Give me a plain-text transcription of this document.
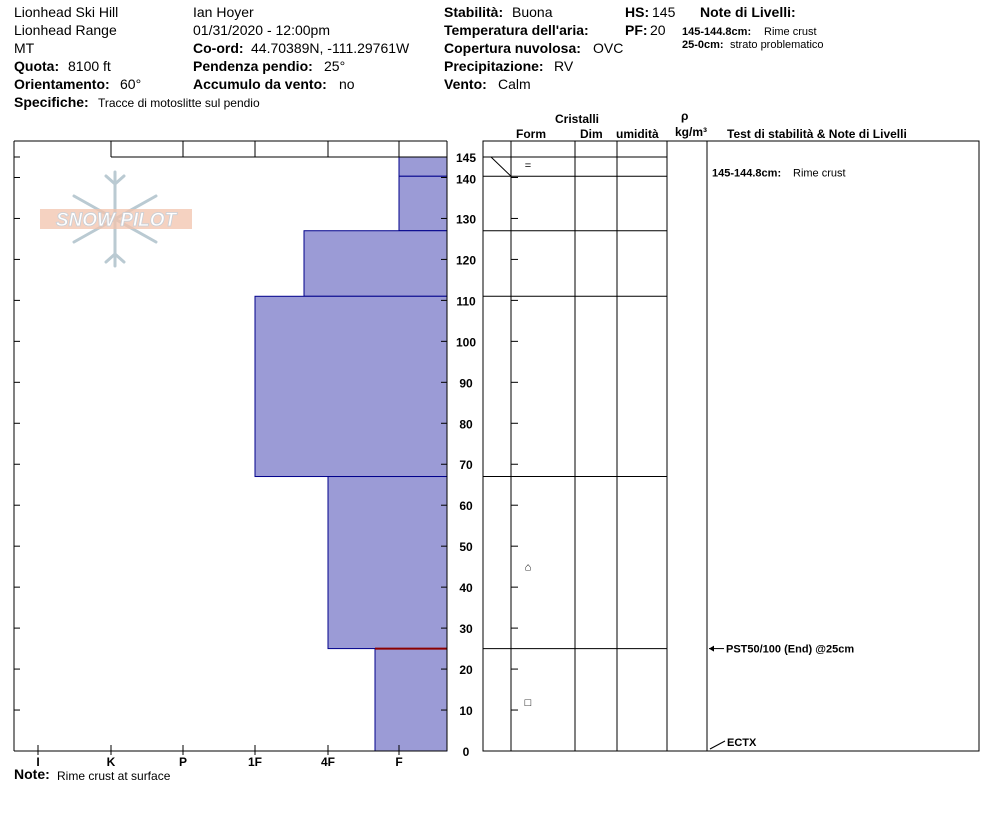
Lionhead Ski Hill
Lionhead Range
MT
Quota: 8100 ft
Orientamento: 60°
Specifiche: Tracce di motoslitte sul pendio
Ian Hoyer
01/31/2020 - 12:00pm
Co-ord: 44.70389N, -111.29761W
Pendenza pendio: 25°
Accumulo da vento: no
Stabilità: Buona
Temperatura dell'aria:
Copertura nuvolosa: OVC
Precipitazione: RV
Vento: Calm
HS: 145
PF: 20
Note di Livelli:
145-144.8cm: Rime crust
25-0cm: strato problematico
Cristalli
Form	Dim umidità
ρ
kg/m³ Test di stabilità & Note di Livelli
SNOW PILOT
0
10
20
30
40
50
60
70
80
90
100
110
120
130
140
145
I	K	P	1F	4F	F
=
⌂
□
145-144.8cm: Rime crust
PST50/100 (End) @25cm
ECTX
Note: Rime crust at surface
